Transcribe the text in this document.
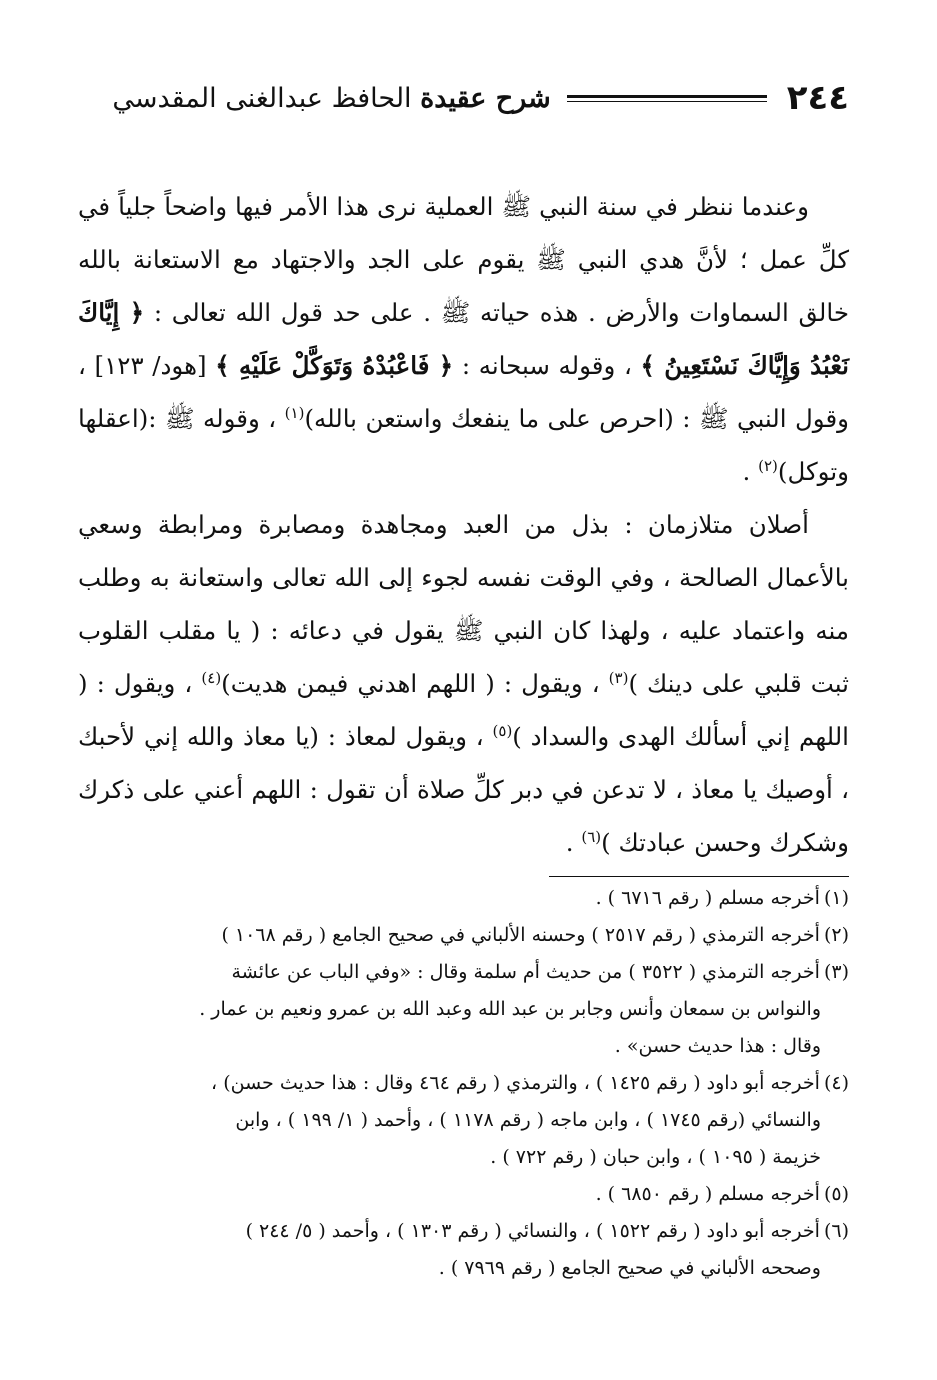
٢٤٤
شرح عقيدة الحافظ عبدالغنى المقدسي

وعندما ننظر في سنة النبي ﷺ العملية نرى هذا الأمر فيها واضحاً جلياً في كلِّ عمل ؛ لأنَّ هدي النبي ﷺ يقوم على الجد والاجتهاد مع الاستعانة بالله خالق السماوات والأرض . هذه حياته ﷺ . على حد قول الله تعالى : ﴿ إِيَّاكَ نَعْبُدُ وَإِيَّاكَ نَسْتَعِينُ ﴾ ، وقوله سبحانه : ﴿ فَاعْبُدْهُ وَتَوَكَّلْ عَلَيْهِ ﴾ [هود/ ١٢٣] ، وقول النبي ﷺ : (احرص على ما ينفعك واستعن بالله)$^{(١)}$ ، وقوله ﷺ :(اعقلها وتوكل)$^{(٢)}$ .

أصلان متلازمان : بذل من العبد ومجاهدة ومصابرة ومرابطة وسعي بالأعمال الصالحة ، وفي الوقت نفسه لجوء إلى الله تعالى واستعانة به وطلب منه واعتماد عليه ، ولهذا كان النبي ﷺ يقول في دعائه : ( يا مقلب القلوب ثبت قلبي على دينك )$^{(٣)}$ ، ويقول : ( اللهم اهدني فيمن هديت)$^{(٤)}$ ، ويقول : ( اللهم إني أسألك الهدى والسداد )$^{(٥)}$ ، ويقول لمعاذ : (يا معاذ والله إني لأحبك ، أوصيك يا معاذ ، لا تدعن في دبر كلِّ صلاة أن تقول : اللهم أعني على ذكرك وشكرك وحسن عبادتك )$^{(٦)}$ .

(١)أخرجه مسلم ( رقم ٦٧١٦ ) .
(٢)أخرجه الترمذي ( رقم ٢٥١٧ ) وحسنه الألباني في صحيح الجامع ( رقم ١٠٦٨ )
(٣)أخرجه الترمذي ( ٣٥٢٢ ) من حديث أم سلمة وقال : «وفي الباب عن عائشة
والنواس بن سمعان وأنس وجابر بن عبد الله وعبد الله بن عمرو ونعيم بن عمار .
وقال : هذا حديث حسن» .
(٤)أخرجه أبو داود ( رقم ١٤٢٥ ) ، والترمذي ( رقم ٤٦٤ وقال : هذا حديث حسن) ،
والنسائي (رقم ١٧٤٥ ) ، وابن ماجه ( رقم ١١٧٨ ) ، وأحمد ( ١/ ١٩٩ ) ، وابن
خزيمة ( ١٠٩٥ ) ، وابن حبان ( رقم ٧٢٢ ) .
(٥)أخرجه مسلم ( رقم ٦٨٥٠ ) .
(٦)أخرجه أبو داود ( رقم ١٥٢٢ ) ، والنسائي ( رقم ١٣٠٣ ) ، وأحمد ( ٥/ ٢٤٤ )
وصححه الألباني في صحيح الجامع ( رقم ٧٩٦٩ ) .
